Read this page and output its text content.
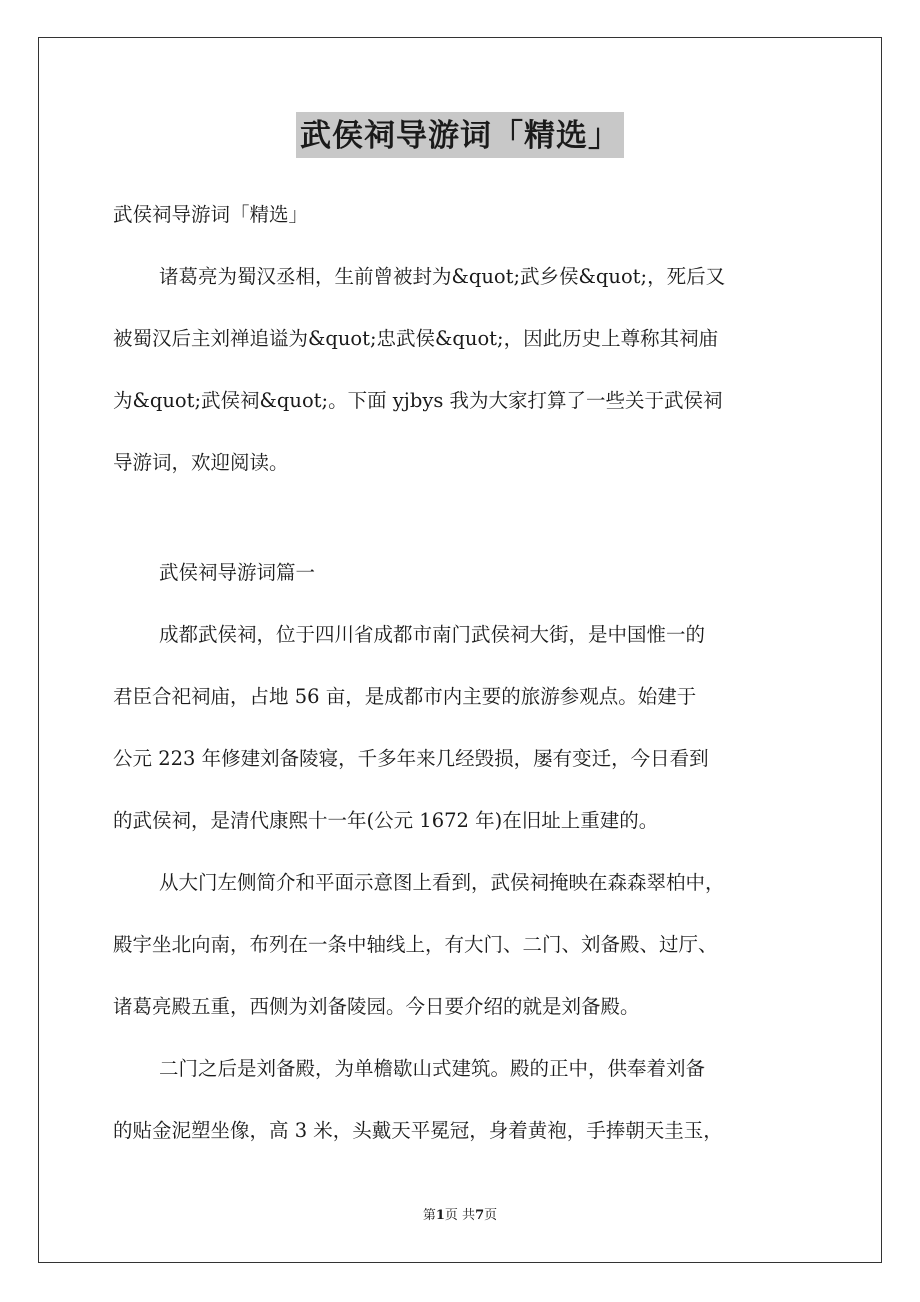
武侯祠导游词「精选」

武侯祠导游词「精选」

诸葛亮为蜀汉丞相，生前曾被封为&quot;武乡侯&quot;，死后又

被蜀汉后主刘禅追谥为&quot;忠武侯&quot;，因此历史上尊称其祠庙

为&quot;武侯祠&quot;。下面 yjbys 我为大家打算了一些关于武侯祠

导游词，欢迎阅读。

武侯祠导游词篇一

成都武侯祠，位于四川省成都市南门武侯祠大街，是中国惟一的

君臣合祀祠庙，占地 56 亩，是成都市内主要的旅游参观点。始建于

公元 223 年修建刘备陵寝，千多年来几经毁损，屡有变迁，今日看到

的武侯祠，是清代康熙十一年(公元 1672 年)在旧址上重建的。

从大门左侧简介和平面示意图上看到，武侯祠掩映在森森翠柏中，

殿宇坐北向南，布列在一条中轴线上，有大门、二门、刘备殿、过厅、

诸葛亮殿五重，西侧为刘备陵园。今日要介绍的就是刘备殿。

二门之后是刘备殿，为单檐歇山式建筑。殿的正中，供奉着刘备

的贴金泥塑坐像，高 3 米，头戴天平冕冠，身着黄袍，手捧朝天圭玉，

第1页 共7页
